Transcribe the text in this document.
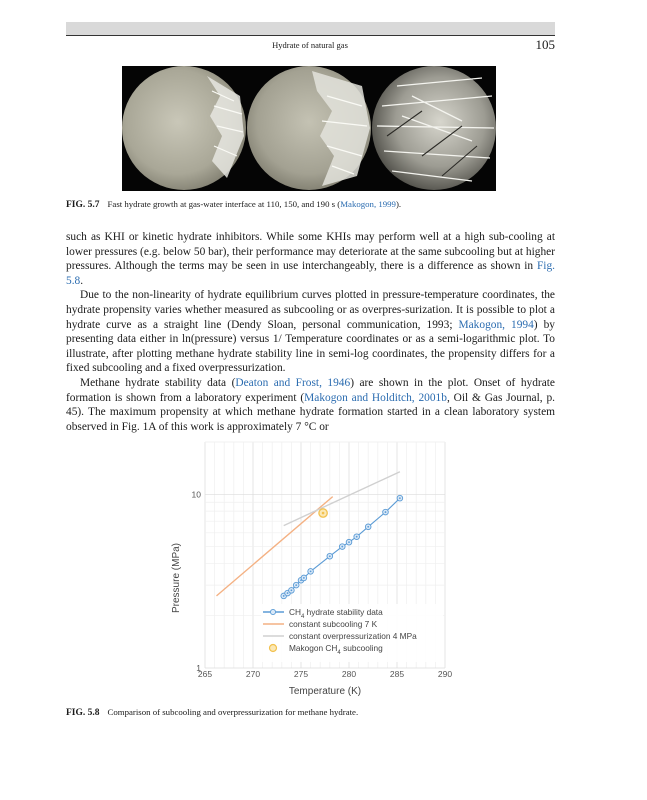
Hydrate of natural gas	105
FIG. 5.7 Fast hydrate growth at gas-water interface at 110, 150, and 190 s (Makogon, 1999).

such as KHI or kinetic hydrate inhibitors. While some KHIs may perform well at a high sub-cooling at lower pressures (e.g. below 50 bar), their performance may deteriorate at the same subcooling but at higher pressures. Although the terms may be seen in use interchangeably, there is a difference as shown in Fig. 5.8.

Due to the non-linearity of hydrate equilibrium curves plotted in pressure-temperature coordinates, the hydrate propensity varies whether measured as subcooling or as overpres-surization. It is possible to plot a hydrate curve as a straight line (Dendy Sloan, personal communication, 1993; Makogon, 1994) by presenting data either in ln(pressure) versus 1/ Temperature coordinates or as a semi-logarithmic plot. To illustrate, after plotting methane hydrate stability line in semi-log coordinates, the propensity differs for a fixed subcooling and a fixed overpressurization.

Methane hydrate stability data (Deaton and Frost, 1946) are shown in the plot. Onset of hydrate formation is shown from a laboratory experiment (Makogon and Holditch, 2001b, Oil & Gas Journal, p. 45). The maximum propensity at which methane hydrate formation started in a clean laboratory system observed in Fig. 1A of this work is approximately 7 °C or

265	270	275	280	285	290
1
10
$CH_4$ hydrate stability data
constant subcooling 7 K
constant overpressurization 4 MPa
Makogon $CH_4$ subcooling
Temperature (K)
Pressure (MPa)
FIG. 5.8 Comparison of subcooling and overpressurization for methane hydrate.
